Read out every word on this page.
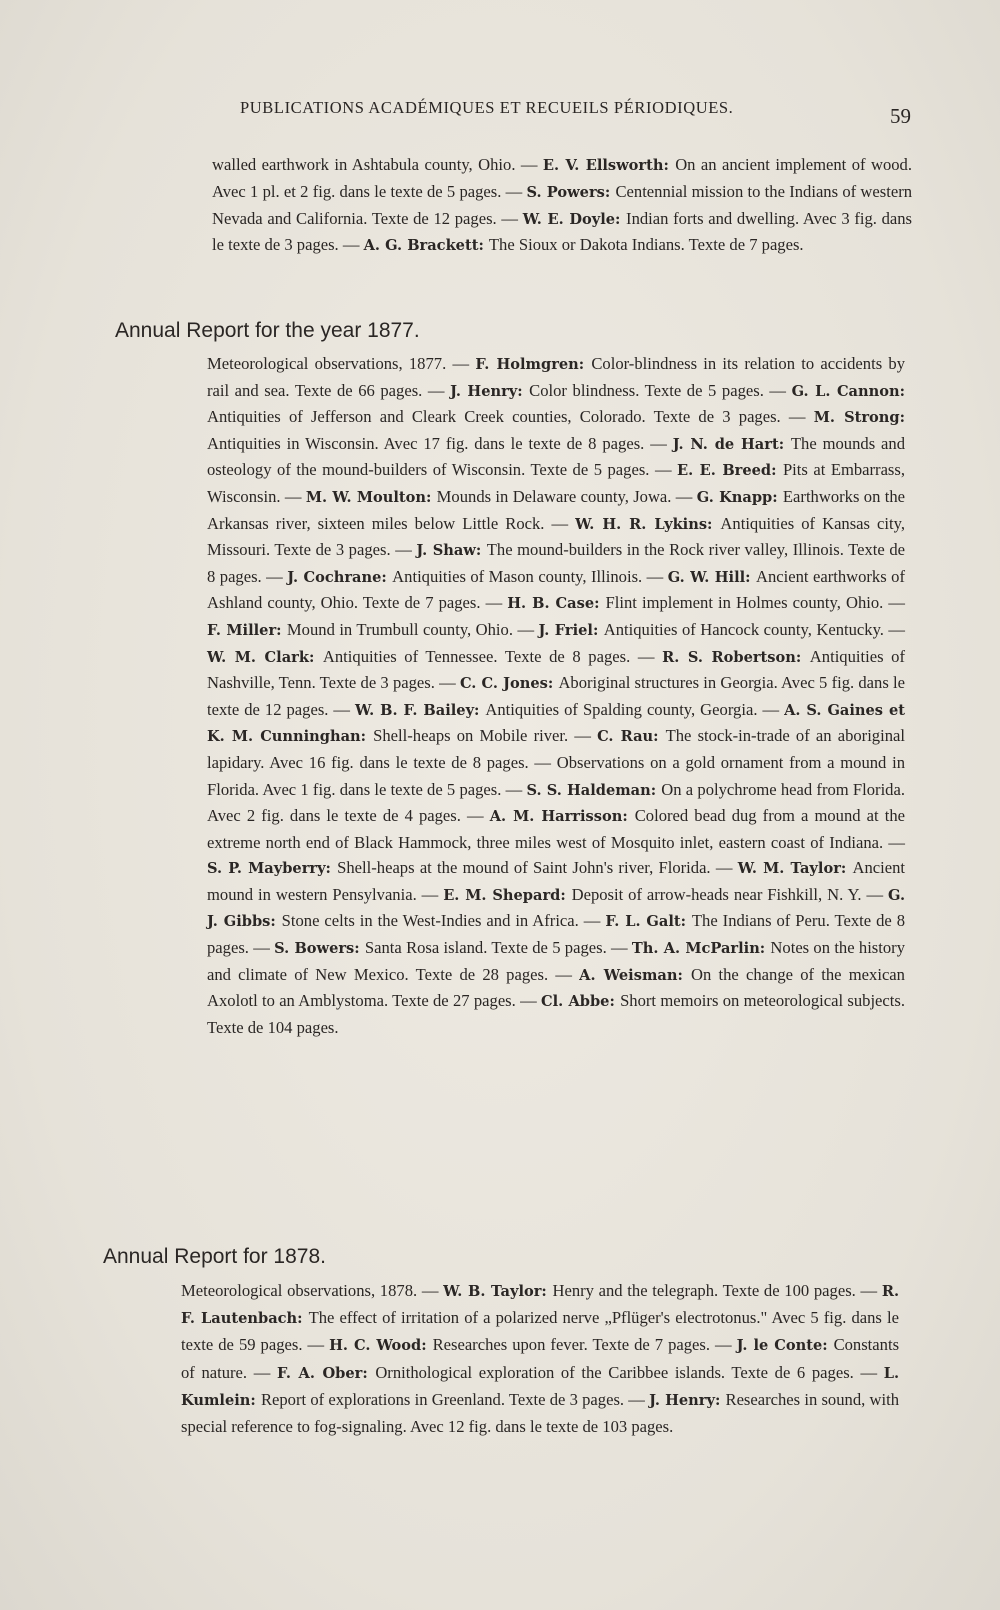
PUBLICATIONS ACADÉMIQUES ET RECUEILS PÉRIODIQUES.	59
walled earthwork in Ashtabula county, Ohio. — E. V. Ellsworth: On an ancient implement of wood. Avec 1 pl. et 2 fig. dans le texte de 5 pages. — S. Powers: Centennial mission to the Indians of western Nevada and California. Texte de 12 pages. — W. E. Doyle: Indian forts and dwelling. Avec 3 fig. dans le texte de 3 pages. — A. G. Brackett: The Sioux or Dakota Indians. Texte de 7 pages.
Annual Report for the year 1877.
Meteorological observations, 1877. — F. Holmgren: Color-blindness in its relation to accidents by rail and sea. Texte de 66 pages. — J. Henry: Color blindness. Texte de 5 pages. — G. L. Cannon: Antiquities of Jefferson and Cleark Creek counties, Colorado. Texte de 3 pages. — M. Strong: Antiquities in Wisconsin. Avec 17 fig. dans le texte de 8 pages. — J. N. de Hart: The mounds and osteology of the mound-builders of Wisconsin. Texte de 5 pages. — E. E. Breed: Pits at Embarrass, Wisconsin. — M. W. Moulton: Mounds in Delaware county, Jowa. — G. Knapp: Earthworks on the Arkansas river, sixteen miles below Little Rock. — W. H. R. Lykins: Antiquities of Kansas city, Missouri. Texte de 3 pages. — J. Shaw: The mound-builders in the Rock river valley, Illinois. Texte de 8 pages. — J. Cochrane: Antiquities of Mason county, Illinois. — G. W. Hill: Ancient earthworks of Ashland county, Ohio. Texte de 7 pages. — H. B. Case: Flint implement in Holmes county, Ohio. — F. Miller: Mound in Trumbull county, Ohio. — J. Friel: Antiquities of Hancock county, Kentucky. — W. M. Clark: Antiquities of Tennessee. Texte de 8 pages. — R. S. Robertson: Antiquities of Nashville, Tenn. Texte de 3 pages. — C. C. Jones: Aboriginal structures in Georgia. Avec 5 fig. dans le texte de 12 pages. — W. B. F. Bailey: Antiquities of Spalding county, Georgia. — A. S. Gaines et K. M. Cunninghan: Shell-heaps on Mobile river. — C. Rau: The stock-in-trade of an aboriginal lapidary. Avec 16 fig. dans le texte de 8 pages. — Observations on a gold ornament from a mound in Florida. Avec 1 fig. dans le texte de 5 pages. — S. S. Haldeman: On a polychrome head from Florida. Avec 2 fig. dans le texte de 4 pages. — A. M. Harrisson: Colored bead dug from a mound at the extreme north end of Black Hammock, three miles west of Mosquito inlet, eastern coast of Indiana. — S. P. Mayberry: Shell-heaps at the mound of Saint John's river, Florida. — W. M. Taylor: Ancient mound in western Pensylvania. — E. M. Shepard: Deposit of arrow-heads near Fishkill, N. Y. — G. J. Gibbs: Stone celts in the West-Indies and in Africa. — F. L. Galt: The Indians of Peru. Texte de 8 pages. — S. Bowers: Santa Rosa island. Texte de 5 pages. — Th. A. McParlin: Notes on the history and climate of New Mexico. Texte de 28 pages. — A. Weisman: On the change of the mexican Axolotl to an Amblystoma. Texte de 27 pages. — Cl. Abbe: Short memoirs on meteorological subjects. Texte de 104 pages.
Annual Report for 1878.
Meteorological observations, 1878. — W. B. Taylor: Henry and the telegraph. Texte de 100 pages. — R. F. Lautenbach: The effect of irritation of a polarized nerve „Pflüger's electrotonus." Avec 5 fig. dans le texte de 59 pages. — H. C. Wood: Researches upon fever. Texte de 7 pages. — J. le Conte: Constants of nature. — F. A. Ober: Ornithological exploration of the Caribbee islands. Texte de 6 pages. — L. Kumlein: Report of explorations in Greenland. Texte de 3 pages. — J. Henry: Researches in sound, with special reference to fog-signaling. Avec 12 fig. dans le texte de 103 pages.
